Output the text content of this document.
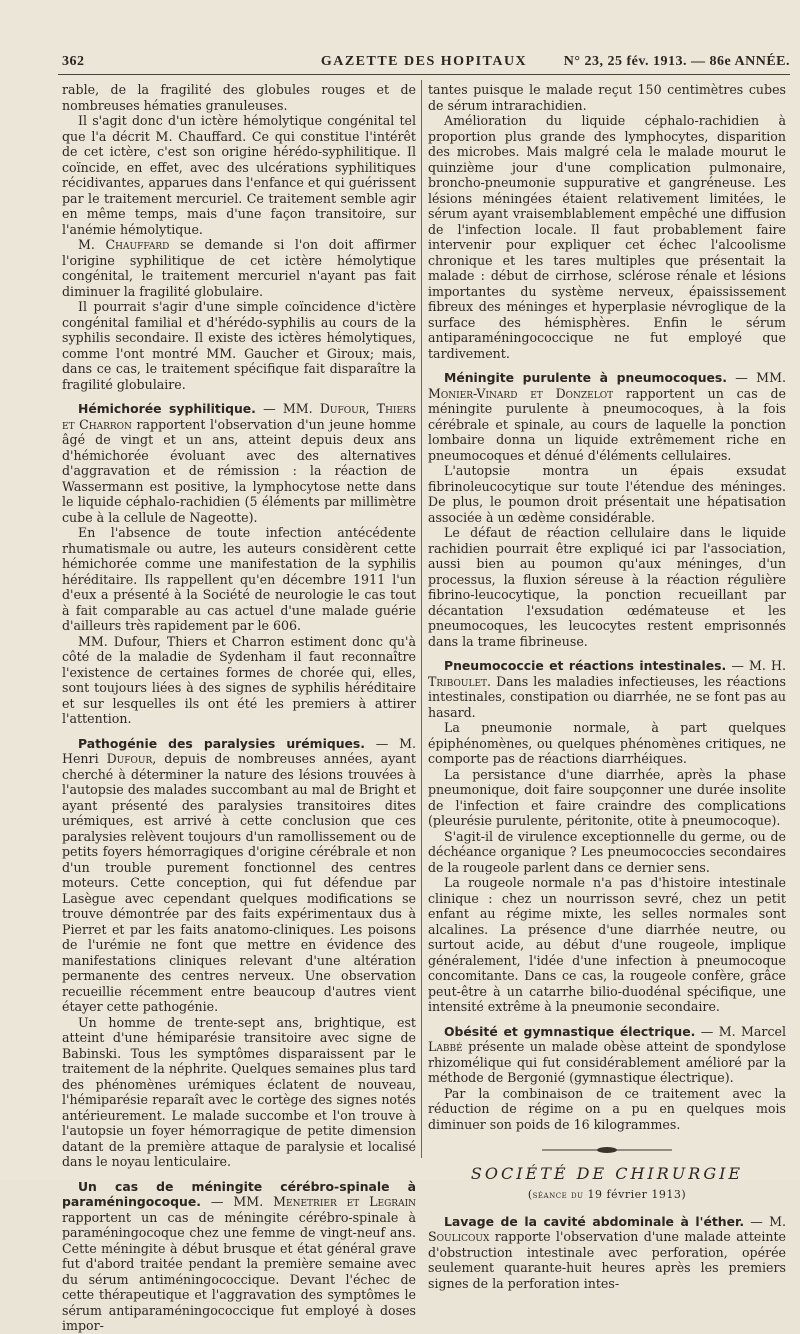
362	GAZETTE DES HOPITAUX	N° 23, 25 fév. 1913. — 86e ANNÉE.

rable, de la fragilité des globules rouges et de nombreuses hématies granuleuses.

Il s'agit donc d'un ictère hémolytique congénital tel que l'a décrit M. Chauffard. Ce qui constitue l'intérêt de cet ictère, c'est son origine hérédo-syphilitique. Il coïncide, en effet, avec des ulcérations syphilitiques récidivantes, apparues dans l'enfance et qui guérissent par le traitement mercuriel. Ce traitement semble agir en même temps, mais d'une façon transitoire, sur l'anémie hémolytique.

M. Chauffard se demande si l'on doit affirmer l'origine syphilitique de cet ictère hémolytique congénital, le traitement mercuriel n'ayant pas fait diminuer la fragilité globulaire.

Il pourrait s'agir d'une simple coïncidence d'ictère congénital familial et d'hérédo-syphilis au cours de la syphilis secondaire. Il existe des ictères hémolytiques, comme l'ont montré MM. Gaucher et Giroux; mais, dans ce cas, le traitement spécifique fait disparaître la fragilité globulaire.

Hémichorée syphilitique. — MM. Dufour, Thiers et Charron rapportent l'observation d'un jeune homme âgé de vingt et un ans, atteint depuis deux ans d'hémichorée évoluant avec des alternatives d'aggravation et de rémission : la réaction de Wassermann est positive, la lymphocytose nette dans le liquide céphalo-rachidien (5 éléments par millimètre cube à la cellule de Nageotte).

En l'absence de toute infection antécédente rhumatismale ou autre, les auteurs considèrent cette hémichorée comme une manifestation de la syphilis héréditaire. Ils rappellent qu'en décembre 1911 l'un d'eux a présenté à la Société de neurologie le cas tout à fait comparable au cas actuel d'une malade guérie d'ailleurs très rapidement par le 606.

MM. Dufour, Thiers et Charron estiment donc qu'à côté de la maladie de Sydenham il faut reconnaître l'existence de certaines formes de chorée qui, elles, sont toujours liées à des signes de syphilis héréditaire et sur lesquelles ils ont été les premiers à attirer l'attention.

Pathogénie des paralysies urémiques. — M. Henri Dufour, depuis de nombreuses années, ayant cherché à déterminer la nature des lésions trouvées à l'autopsie des malades succombant au mal de Bright et ayant présenté des paralysies transitoires dites urémiques, est arrivé à cette conclusion que ces paralysies relèvent toujours d'un ramollissement ou de petits foyers hémorragiques d'origine cérébrale et non d'un trouble purement fonctionnel des centres moteurs. Cette conception, qui fut défendue par Lasègue avec cependant quelques modifications se trouve démontrée par des faits expérimentaux dus à Pierret et par les faits anatomo-cliniques. Les poisons de l'urémie ne font que mettre en évidence des manifestations cliniques relevant d'une altération permanente des centres nerveux. Une observation recueillie récemment entre beaucoup d'autres vient étayer cette pathogénie.

Un homme de trente-sept ans, brightique, est atteint d'une hémiparésie transitoire avec signe de Babinski. Tous les symptômes disparaissent par le traitement de la néphrite. Quelques semaines plus tard des phénomènes urémiques éclatent de nouveau, l'hémiparésie reparaît avec le cortège des signes notés antérieurement. Le malade succombe et l'on trouve à l'autopsie un foyer hémorragique de petite dimension datant de la première attaque de paralysie et localisé dans le noyau lenticulaire.

Un cas de méningite cérébro-spinale à paraméningocoque. — MM. Menetrier et Legrain rapportent un cas de méningite cérébro-spinale à paraméningocoque chez une femme de vingt-neuf ans. Cette méningite à début brusque et état général grave fut d'abord traitée pendant la première semaine avec du sérum antiméningococcique. Devant l'échec de cette thérapeutique et l'aggravation des symptômes le sérum antiparaméningococcique fut employé à doses impor-

tantes puisque le malade reçut 150 centimètres cubes de sérum intrarachidien.

Amélioration du liquide céphalo-rachidien à proportion plus grande des lymphocytes, disparition des microbes. Mais malgré cela le malade mourut le quinzième jour d'une complication pulmonaire, broncho-pneumonie suppurative et gangréneuse. Les lésions méningées étaient relativement limitées, le sérum ayant vraisemblablement empêché une diffusion de l'infection locale. Il faut probablement faire intervenir pour expliquer cet échec l'alcoolisme chronique et les tares multiples que présentait la malade : début de cirrhose, sclérose rénale et lésions importantes du système nerveux, épaississement fibreux des méninges et hyperplasie névroglique de la surface des hémisphères. Enfin le sérum antiparaméningococcique ne fut employé que tardivement.

Méningite purulente à pneumocoques. — MM. Monier-Vinard et Donzelot rapportent un cas de méningite purulente à pneumocoques, à la fois cérébrale et spinale, au cours de laquelle la ponction lombaire donna un liquide extrêmement riche en pneumocoques et dénué d'éléments cellulaires.

L'autopsie montra un épais exsudat fibrinoleucocytique sur toute l'étendue des méninges. De plus, le poumon droit présentait une hépatisation associée à un œdème considérable.

Le défaut de réaction cellulaire dans le liquide rachidien pourrait être expliqué ici par l'association, aussi bien au poumon qu'aux méninges, d'un processus, la fluxion séreuse à la réaction régulière fibrino-leucocytique, la ponction recueillant par décantation l'exsudation œdémateuse et les pneumocoques, les leucocytes restent emprisonnés dans la trame fibrineuse.

Pneumococcie et réactions intestinales. — M. H. Triboulet. Dans les maladies infectieuses, les réactions intestinales, constipation ou diarrhée, ne se font pas au hasard.

La pneumonie normale, à part quelques épiphénomènes, ou quelques phénomènes critiques, ne comporte pas de réactions diarrhéiques.

La persistance d'une diarrhée, après la phase pneumonique, doit faire soupçonner une durée insolite de l'infection et faire craindre des complications (pleurésie purulente, péritonite, otite à pneumocoque).

S'agit-il de virulence exceptionnelle du germe, ou de déchéance organique ? Les pneumococcies secondaires de la rougeole parlent dans ce dernier sens.

La rougeole normale n'a pas d'histoire intestinale clinique : chez un nourrisson sevré, chez un petit enfant au régime mixte, les selles normales sont alcalines. La présence d'une diarrhée neutre, ou surtout acide, au début d'une rougeole, implique généralement, l'idée d'une infection à pneumocoque concomitante. Dans ce cas, la rougeole confère, grâce peut-être à un catarrhe bilio-duodénal spécifique, une intensité extrême à la pneumonie secondaire.

Obésité et gymnastique électrique. — M. Marcel Labbé présente un malade obèse atteint de spondylose rhizomélique qui fut considérablement amélioré par la méthode de Bergonié (gymnastique électrique).

Par la combinaison de ce traitement avec la réduction de régime on a pu en quelques mois diminuer son poids de 16 kilogrammes.

SOCIÉTÉ DE CHIRURGIE
(séance du 19 février 1913)

Lavage de la cavité abdominale à l'éther. — M. Soulicoux rapporte l'observation d'une malade atteinte d'obstruction intestinale avec perforation, opérée seulement quarante-huit heures après les premiers signes de la perforation intes-
